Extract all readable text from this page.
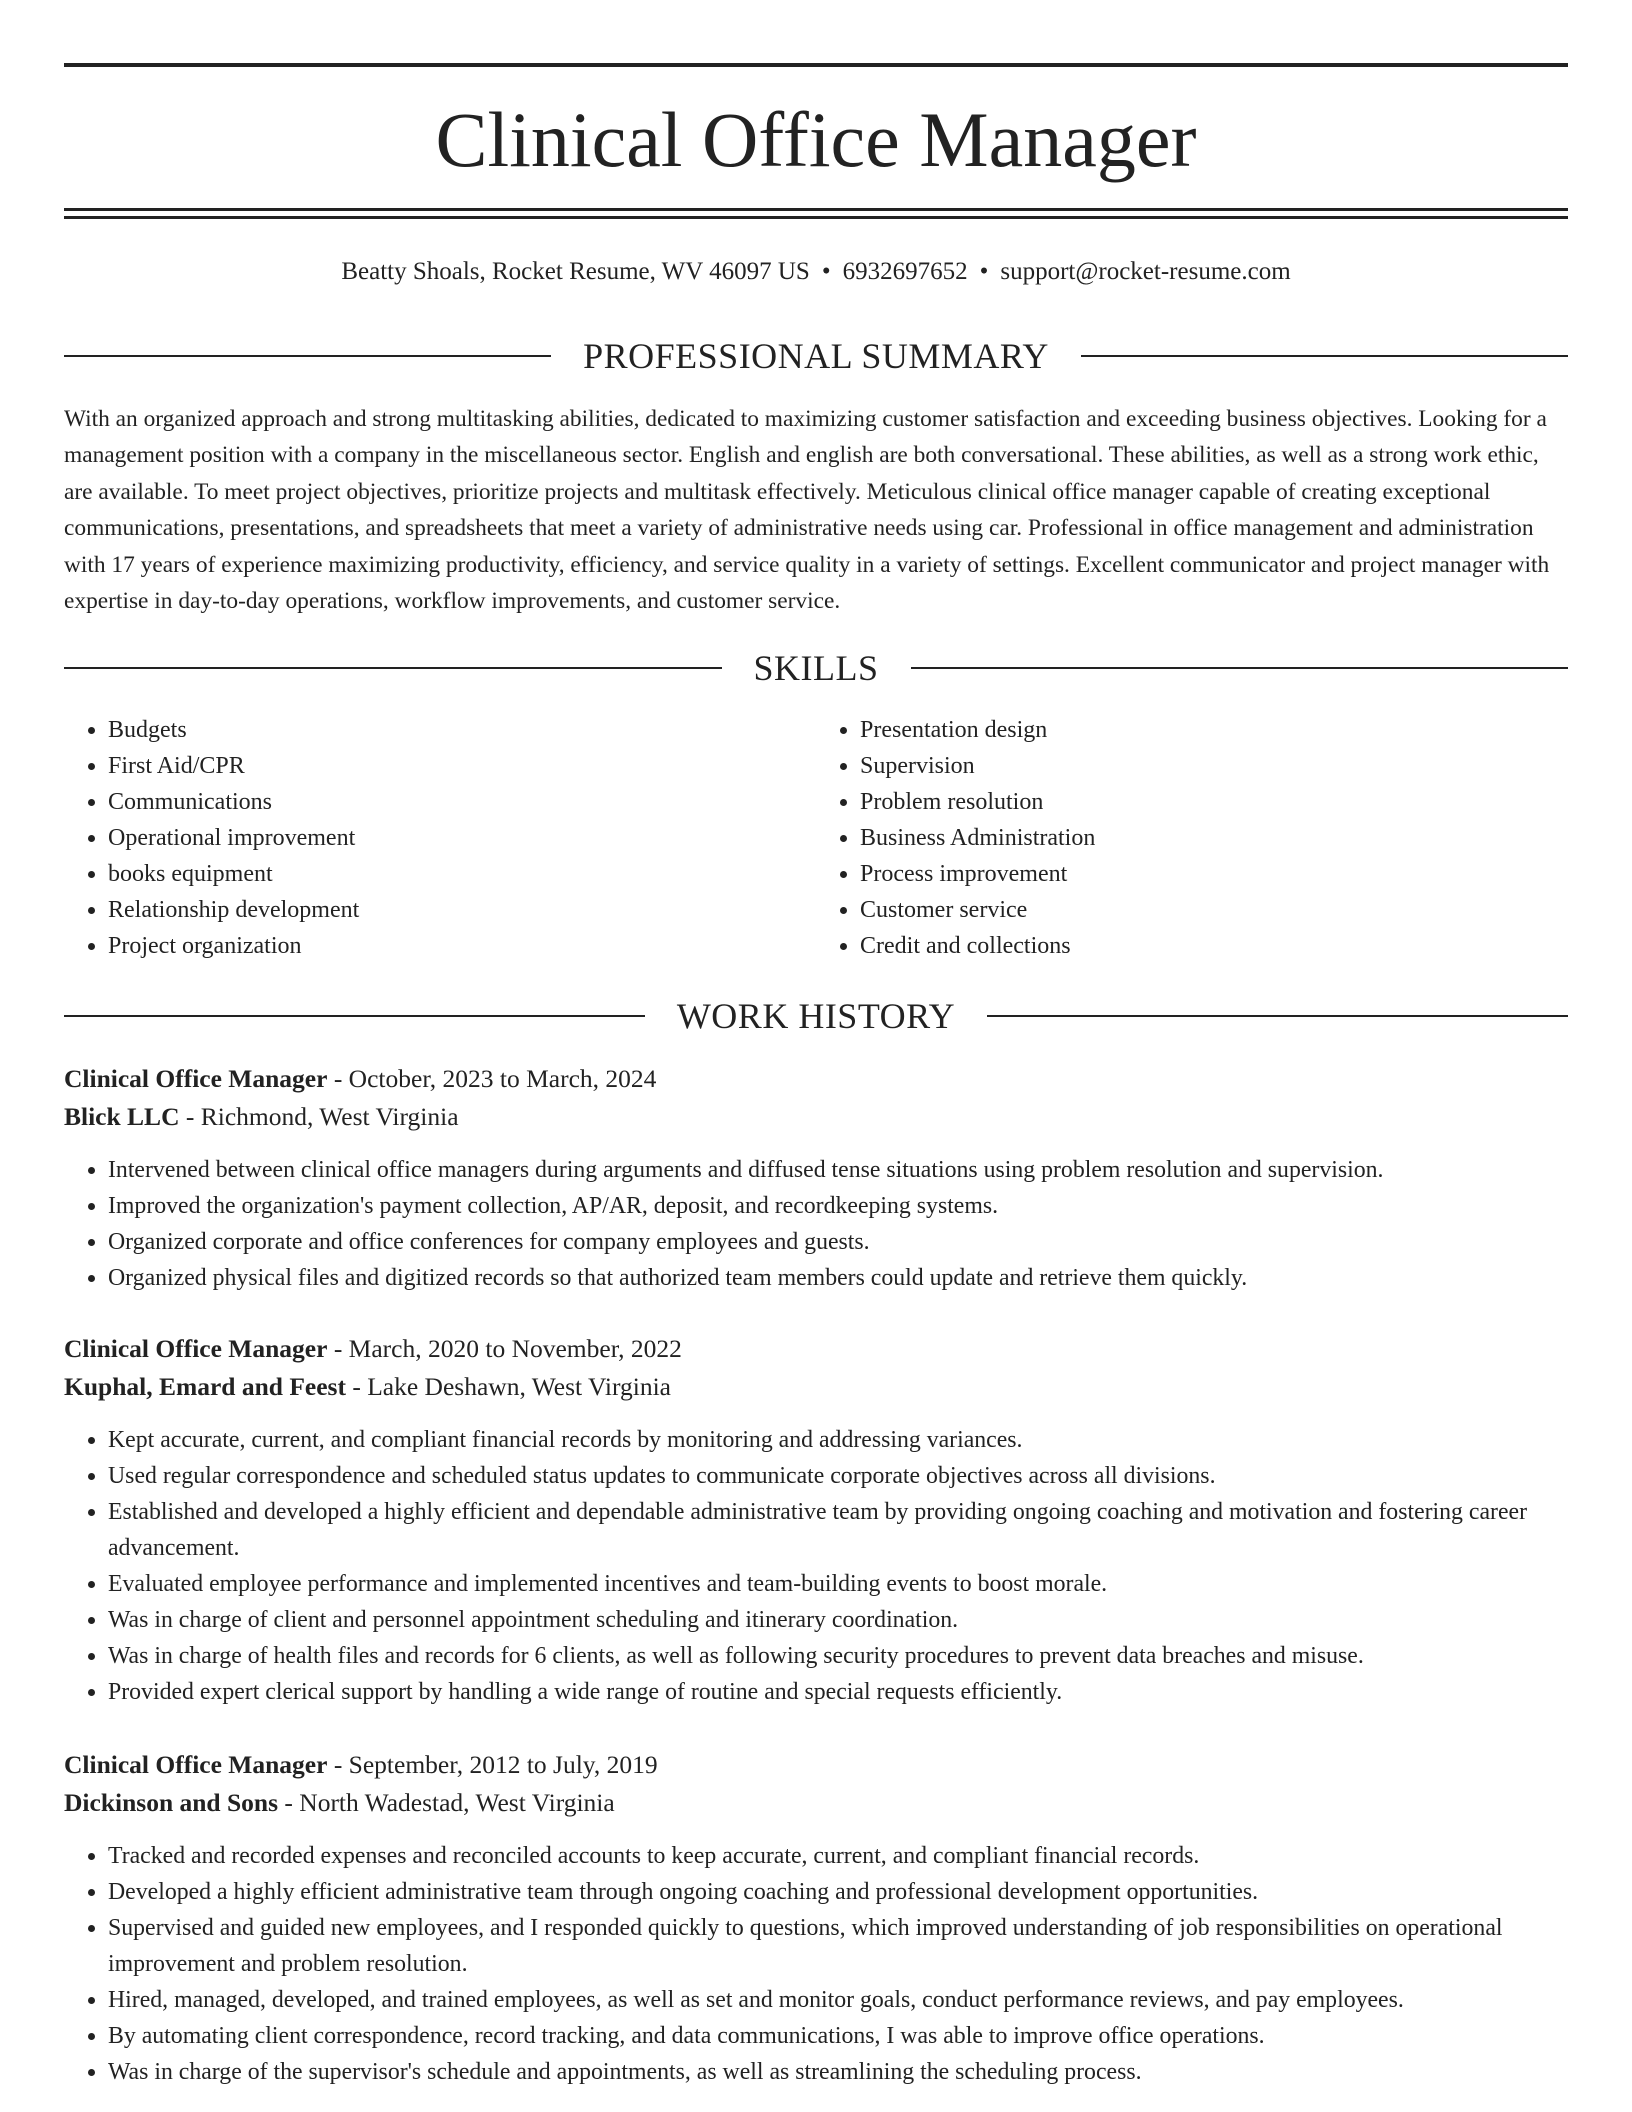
Clinical Office Manager
Beatty Shoals, Rocket Resume, WV 46097 US • 6932697652 • support@rocket-resume.com
PROFESSIONAL SUMMARY

With an organized approach and strong multitasking abilities, dedicated to maximizing customer satisfaction and exceeding business objectives. Looking for a management position with a company in the miscellaneous sector. English and english are both conversational. These abilities, as well as a strong work ethic, are available. To meet project objectives, prioritize projects and multitask effectively. Meticulous clinical office manager capable of creating exceptional communications, presentations, and spreadsheets that meet a variety of administrative needs using car. Professional in office management and administration with 17 years of experience maximizing productivity, efficiency, and service quality in a variety of settings. Excellent communicator and project manager with expertise in day-to-day operations, workflow improvements, and customer service.

SKILLS
• Budgets
• First Aid/CPR
• Communications
• Operational improvement
• books equipment
• Relationship development
• Project organization
• Presentation design
• Supervision
• Problem resolution
• Business Administration
• Process improvement
• Customer service
• Credit and collections
WORK HISTORY
Clinical Office Manager - October, 2023 to March, 2024
Blick LLC - Richmond, West Virginia
• Intervened between clinical office managers during arguments and diffused tense situations using problem resolution and supervision.
• Improved the organization's payment collection, AP/AR, deposit, and recordkeeping systems.
• Organized corporate and office conferences for company employees and guests.
• Organized physical files and digitized records so that authorized team members could update and retrieve them quickly.
Clinical Office Manager - March, 2020 to November, 2022
Kuphal, Emard and Feest - Lake Deshawn, West Virginia
• Kept accurate, current, and compliant financial records by monitoring and addressing variances.
• Used regular correspondence and scheduled status updates to communicate corporate objectives across all divisions.
• Established and developed a highly efficient and dependable administrative team by providing ongoing coaching and motivation and fostering career advancement.
• Evaluated employee performance and implemented incentives and team-building events to boost morale.
• Was in charge of client and personnel appointment scheduling and itinerary coordination.
• Was in charge of health files and records for 6 clients, as well as following security procedures to prevent data breaches and misuse.
• Provided expert clerical support by handling a wide range of routine and special requests efficiently.
Clinical Office Manager - September, 2012 to July, 2019
Dickinson and Sons - North Wadestad, West Virginia
• Tracked and recorded expenses and reconciled accounts to keep accurate, current, and compliant financial records.
• Developed a highly efficient administrative team through ongoing coaching and professional development opportunities.
• Supervised and guided new employees, and I responded quickly to questions, which improved understanding of job responsibilities on operational improvement and problem resolution.
• Hired, managed, developed, and trained employees, as well as set and monitor goals, conduct performance reviews, and pay employees.
• By automating client correspondence, record tracking, and data communications, I was able to improve office operations.
• Was in charge of the supervisor's schedule and appointments, as well as streamlining the scheduling process.
